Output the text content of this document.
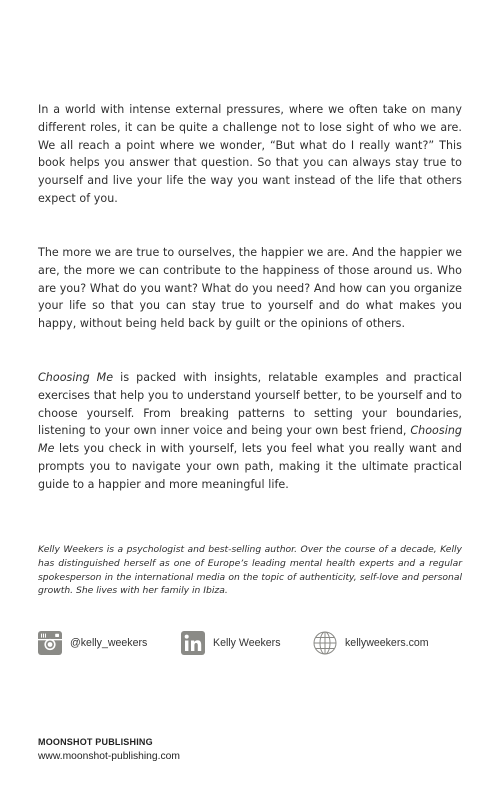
In a world with intense external pressures, where we often take on many different roles, it can be quite a challenge not to lose sight of who we are. We all reach a point where we wonder, “But what do I really want?” This book helps you answer that question. So that you can always stay true to yourself and live your life the way you want instead of the life that others expect of you.

The more we are true to ourselves, the happier we are. And the happier we are, the more we can contribute to the happiness of those around us. Who are you? What do you want? What do you need? And how can you organize your life so that you can stay true to yourself and do what makes you happy, without being held back by guilt or the opinions of others.

Choosing Me is packed with insights, relatable examples and practical exercises that help you to understand yourself better, to be yourself and to choose yourself. From breaking patterns to setting your boundaries, listening to your own inner voice and being your own best friend, Choosing Me lets you check in with yourself, lets you feel what you really want and prompts you to navigate your own path, making it the ultimate practical guide to a happier and more meaningful life.

Kelly Weekers is a psychologist and best-selling author. Over the course of a decade, Kelly has distinguished herself as one of Europe’s leading mental health experts and a regular spokesperson in the international media on the topic of authenticity, self-love and personal growth. She lives with her family in Ibiza.

@kelly_weekers	Kelly Weekers	kellyweekers.com

MOONSHOT PUBLISHING

www.moonshot-publishing.com
